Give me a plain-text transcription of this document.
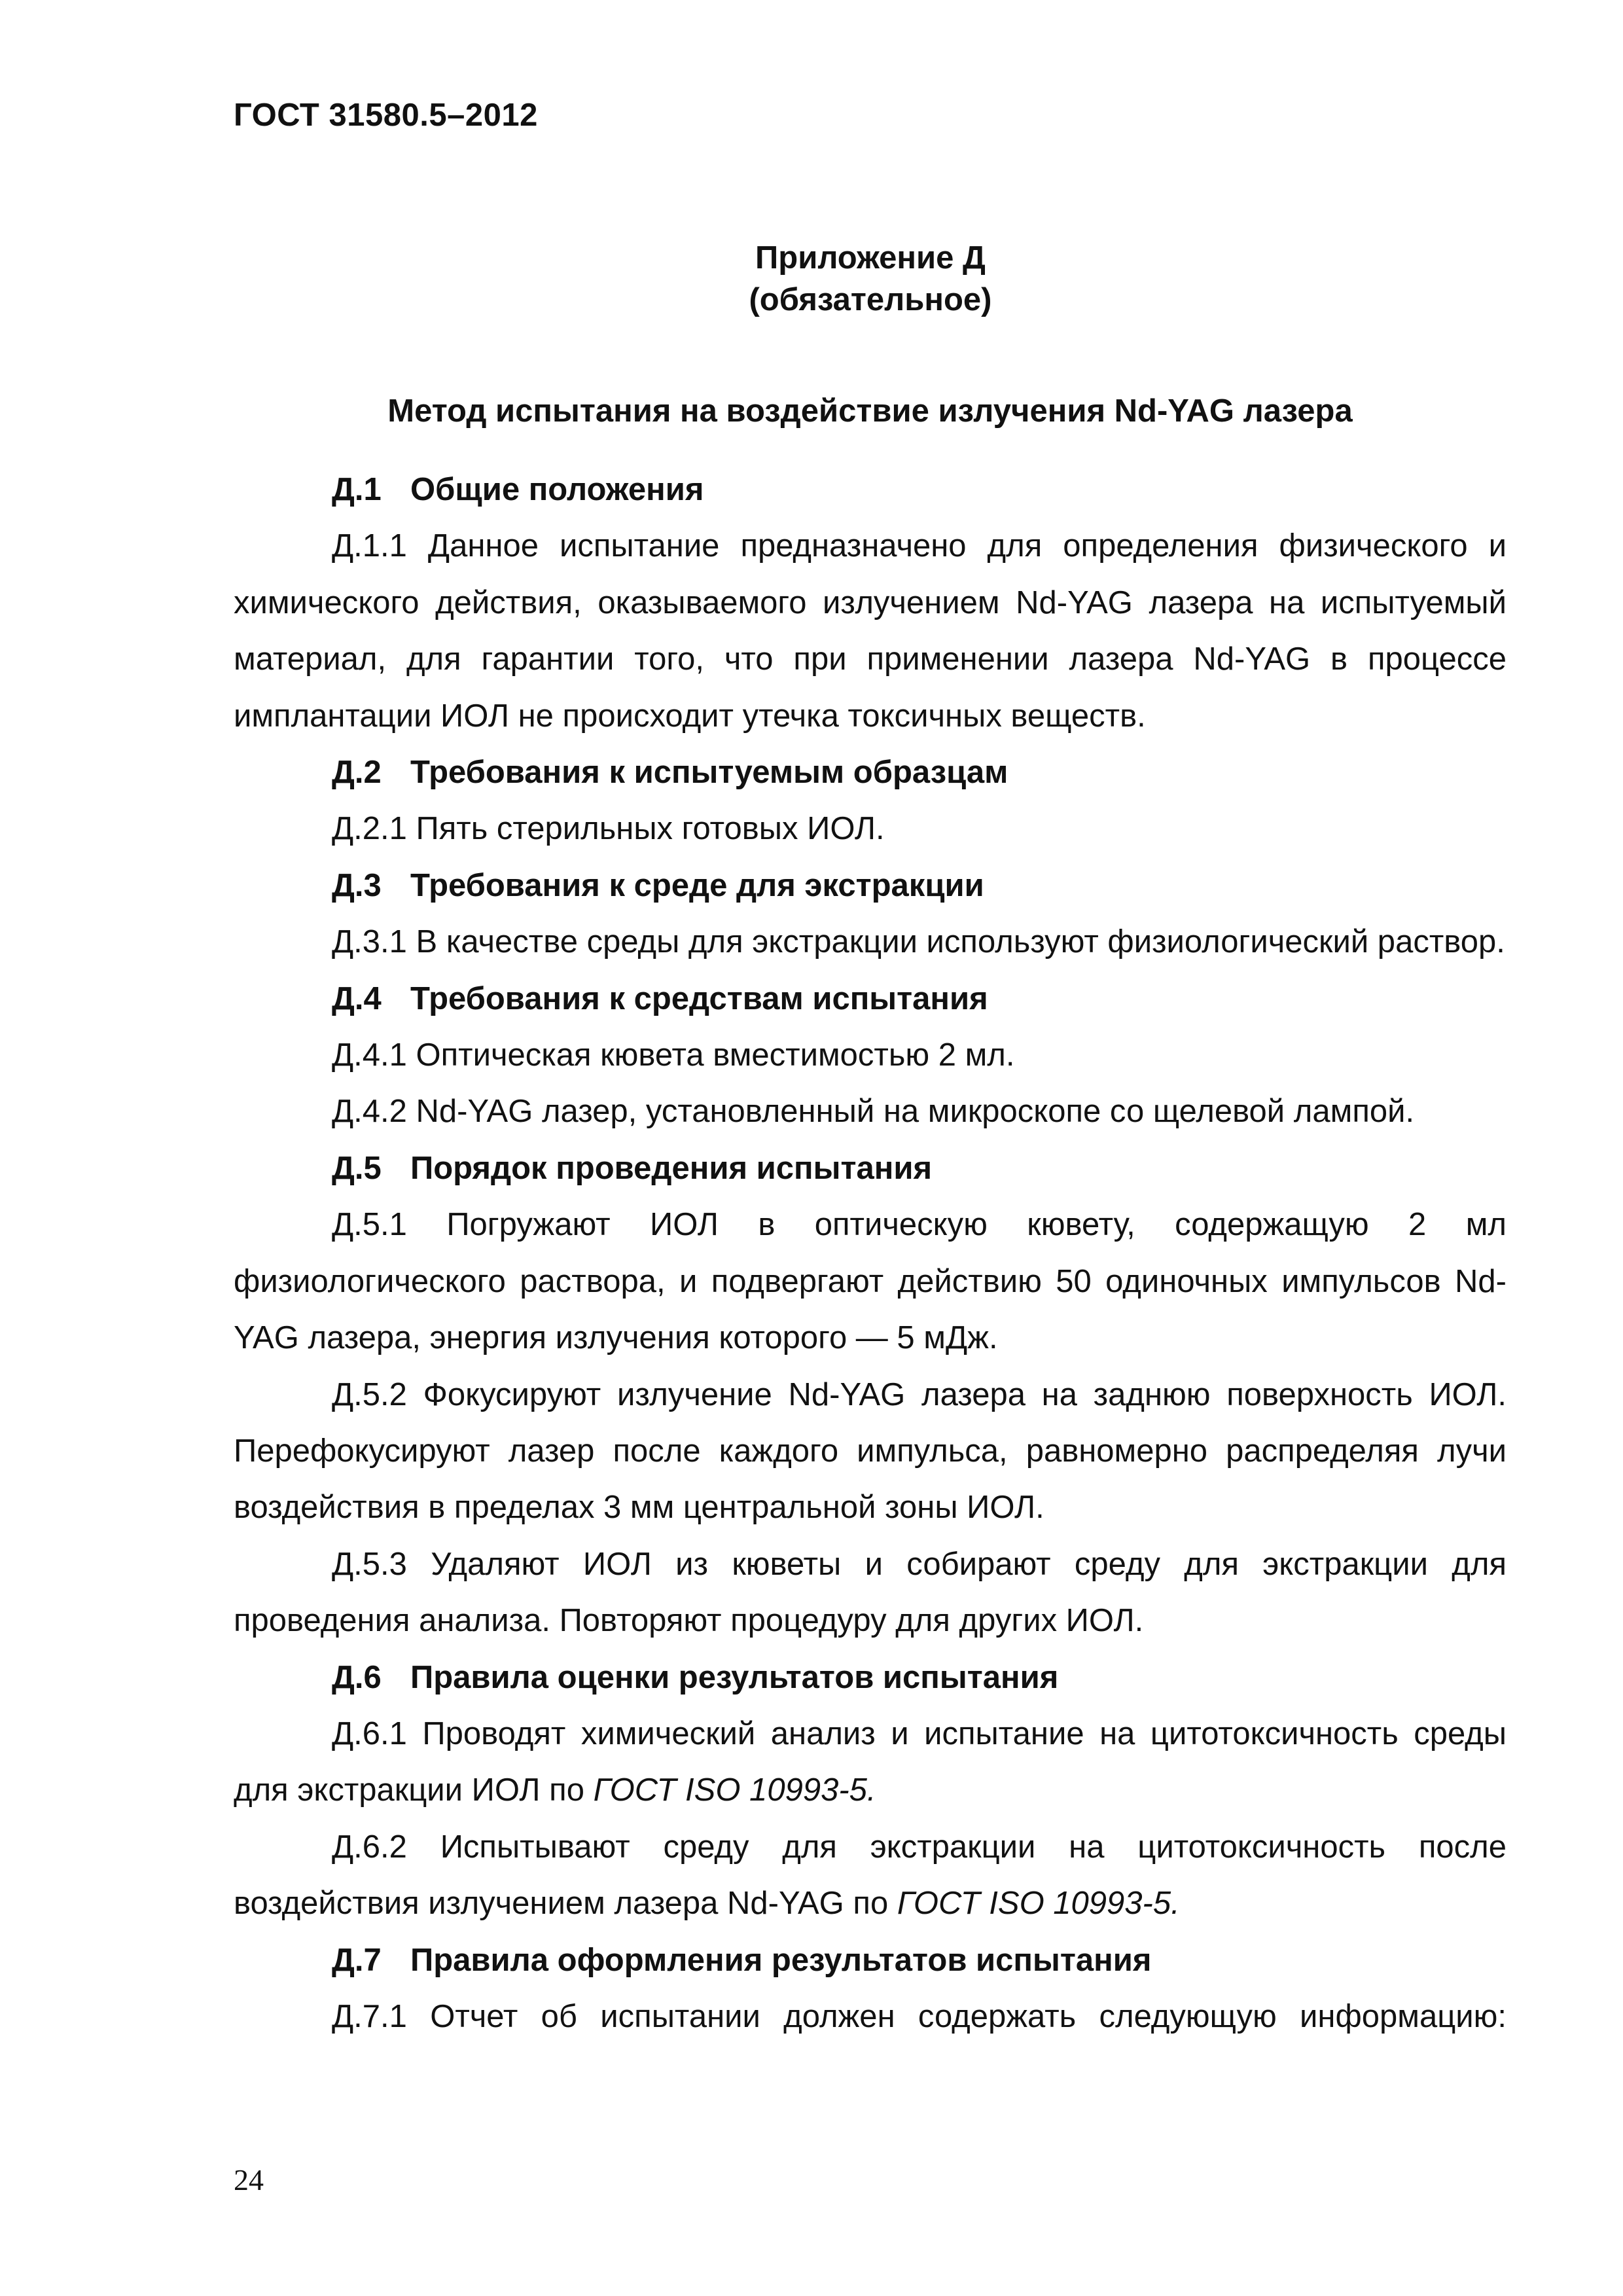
ГОСТ 31580.5–2012
Приложение Д
(обязательное)
Метод испытания на воздействие излучения Nd-YAG лазера

Д.1 Общие положения

Д.1.1 Данное испытание предназначено для определения физического и химического действия, оказываемого излучением Nd-YAG лазера на испытуемый материал, для гарантии того, что при применении лазера Nd-YAG в процессе имплантации ИОЛ не происходит утечка токсичных веществ.

Д.2 Требования к испытуемым образцам

Д.2.1 Пять стерильных готовых ИОЛ.

Д.3 Требования к среде для экстракции

Д.3.1 В качестве среды для экстракции используют физиологический раствор.

Д.4 Требования к средствам испытания

Д.4.1 Оптическая кювета вместимостью 2 мл.

Д.4.2 Nd-YAG лазер, установленный на микроскопе со щелевой лампой.

Д.5 Порядок проведения испытания

Д.5.1 Погружают ИОЛ в оптическую кювету, содержащую 2 мл физиологического раствора, и подвергают действию 50 одиночных импульсов Nd-YAG лазера, энергия излучения которого — 5 мДж.

Д.5.2 Фокусируют излучение Nd-YAG лазера на заднюю поверхность ИОЛ. Перефокусируют лазер после каждого импульса, равномерно распределяя лучи воздействия в пределах 3 мм центральной зоны ИОЛ.

Д.5.3 Удаляют ИОЛ из кюветы и собирают среду для экстракции для проведения анализа. Повторяют процедуру для других ИОЛ.

Д.6 Правила оценки результатов испытания

Д.6.1 Проводят химический анализ и испытание на цитотоксичность среды для экстракции ИОЛ по ГОСТ ISO 10993-5.

Д.6.2 Испытывают среду для экстракции на цитотоксичность после воздействия излучением лазера Nd-YAG по ГОСТ ISO 10993-5.

Д.7 Правила оформления результатов испытания

Д.7.1 Отчет об испытании должен содержать следующую информацию:

24
